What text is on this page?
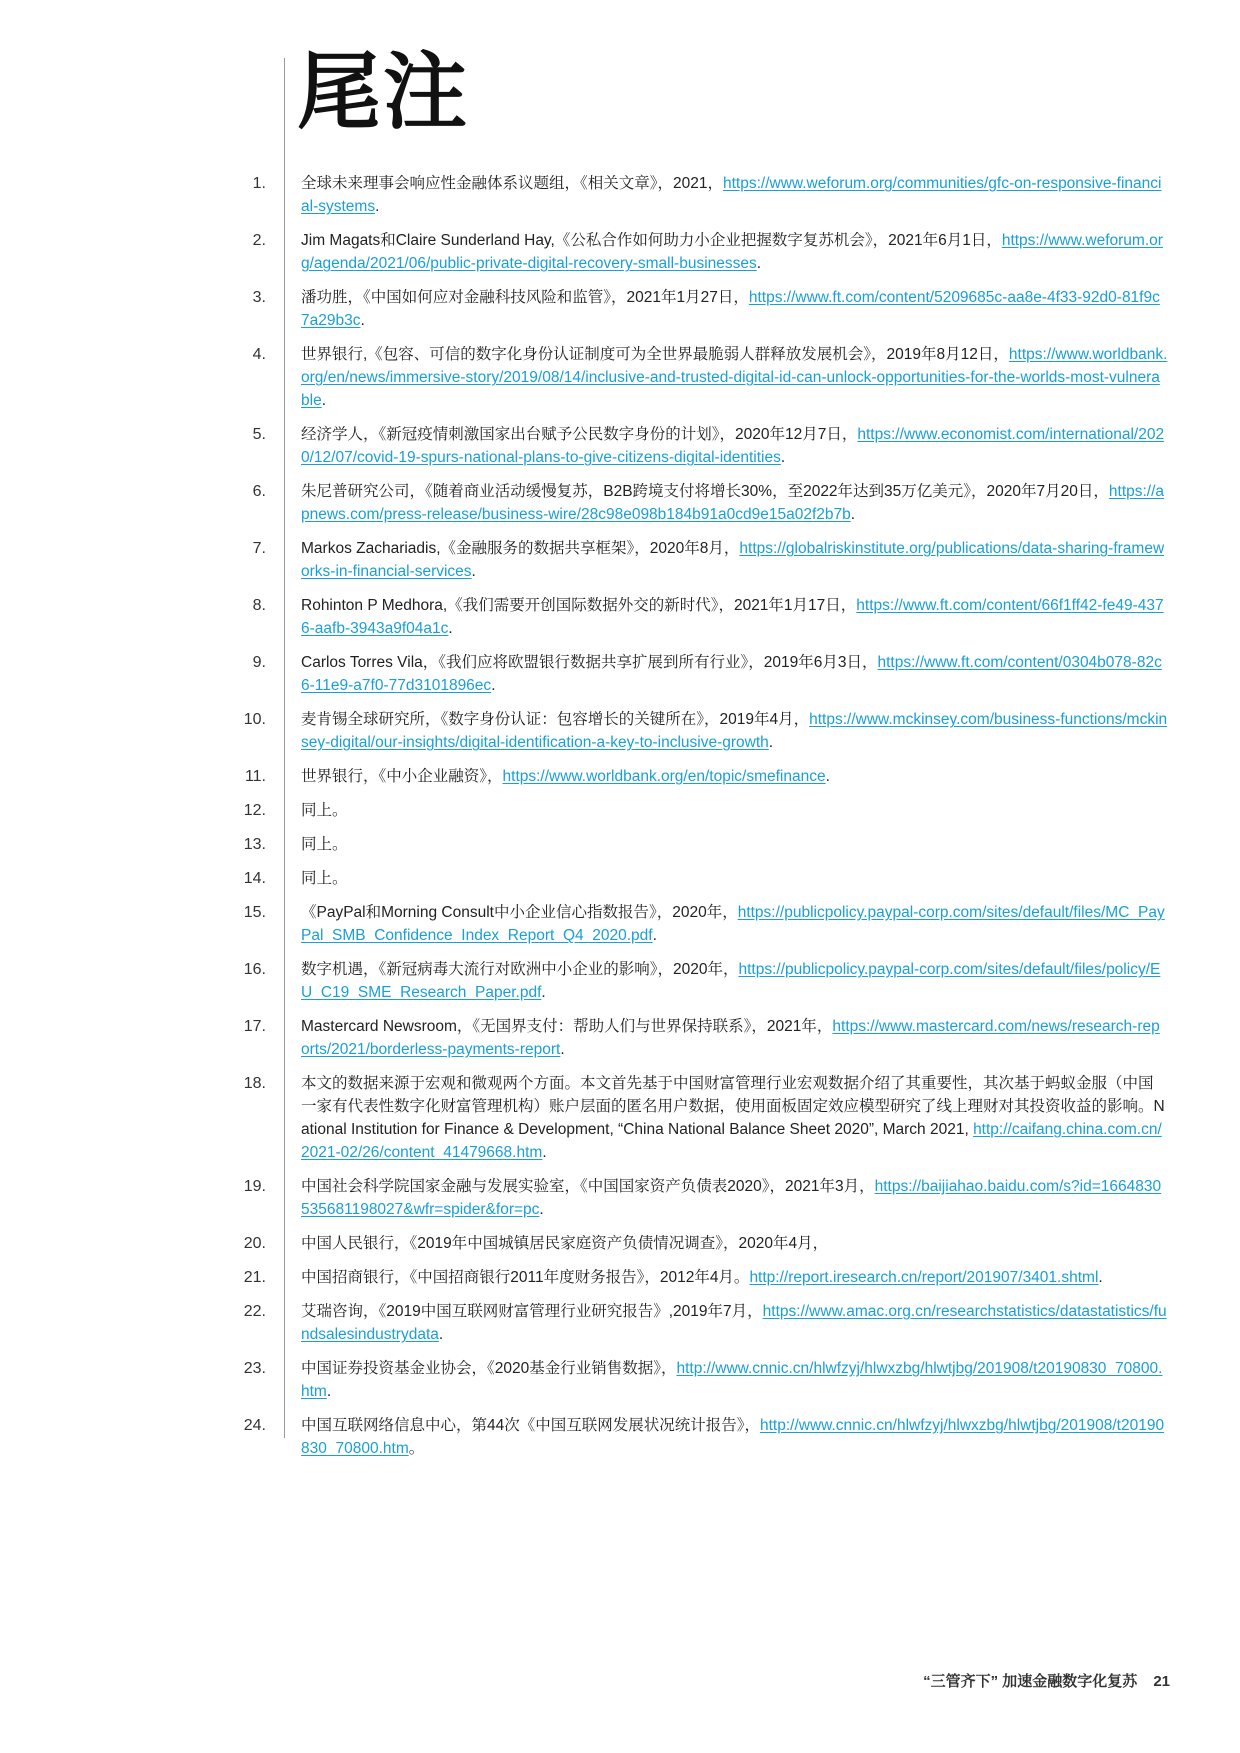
尾注
1. 全球未来理事会响应性金融体系议题组，《相关文章》，2021，https://www.weforum.org/communities/gfc-on-responsive-financial-systems.
2. Jim Magats和Claire Sunderland Hay,《公私合作如何助力小企业把握数字复苏机会》，2021年6月1日，https://www.weforum.org/agenda/2021/06/public-private-digital-recovery-small-businesses.
3. 潘功胜，《中国如何应对金融科技风险和监管》，2021年1月27日，https://www.ft.com/content/5209685c-aa8e-4f33-92d0-81f9c7a29b3c.
4. 世界银行,《包容、可信的数字化身份认证制度可为全世界最脆弱人群释放发展机会》，2019年8月12日，https://www.worldbank.org/en/news/immersive-story/2019/08/14/inclusive-and-trusted-digital-id-can-unlock-opportunities-for-the-worlds-most-vulnerable.
5. 经济学人，《新冠疫情刺激国家出台赋予公民数字身份的计划》，2020年12月7日，https://www.economist.com/international/2020/12/07/covid-19-spurs-national-plans-to-give-citizens-digital-identities.
6. 朱尼普研究公司，《随着商业活动缓慢复苏，B2B跨境支付将增长30%，至2022年达到35万亿美元》，2020年7月20日，https://apnews.com/press-release/business-wire/28c98e098b184b91a0cd9e15a02f2b7b.
7. Markos Zachariadis,《金融服务的数据共享框架》，2020年8月，https://globalriskinstitute.org/publications/data-sharing-frameworks-in-financial-services.
8. Rohinton P Medhora,《我们需要开创国际数据外交的新时代》，2021年1月17日，https://www.ft.com/content/66f1ff42-fe49-4376-aafb-3943a9f04a1c.
9. Carlos Torres Vila，《我们应将欧盟银行数据共享扩展到所有行业》，2019年6月3日，https://www.ft.com/content/0304b078-82c6-11e9-a7f0-77d3101896ec.
10. 麦肯锡全球研究所，《数字身份认证：包容增长的关键所在》，2019年4月，https://www.mckinsey.com/business-functions/mckinsey-digital/our-insights/digital-identification-a-key-to-inclusive-growth.
11. 世界银行，《中小企业融资》，https://www.worldbank.org/en/topic/smefinance.
12. 同上。
13. 同上。
14. 同上。
15. 《PayPal和Morning Consult中小企业信心指数报告》，2020年，https://publicpolicy.paypal-corp.com/sites/default/files/MC_PayPal_SMB_Confidence_Index_Report_Q4_2020.pdf.
16. 数字机遇，《新冠病毒大流行对欧洲中小企业的影响》，2020年，https://publicpolicy.paypal-corp.com/sites/default/files/policy/EU_C19_SME_Research_Paper.pdf.
17. Mastercard Newsroom，《无国界支付：帮助人们与世界保持联系》，2021年，https://www.mastercard.com/news/research-reports/2021/borderless-payments-report.
18. 本文的数据来源于宏观和微观两个方面。本文首先基于中国财富管理行业宏观数据介绍了其重要性，其次基于蚂蚁金服（中国一家有代表性数字化财富管理机构）账户层面的匿名用户数据，使用面板固定效应模型研究了线上理财对其投资收益的影响。National Institution for Finance & Development, “China National Balance Sheet 2020”, March 2021, http://caifang.china.com.cn/2021-02/26/content_41479668.htm.
19. 中国社会科学院国家金融与发展实验室，《中国国家资产负债表2020》，2021年3月，https://baijiahao.baidu.com/s?id=1664830535681198027&wfr=spider&for=pc.
20. 中国人民银行，《2019年中国城镇居民家庭资产负债情况调查》，2020年4月，
21. 中国招商银行，《中国招商银行2011年度财务报告》，2012年4月。http://report.iresearch.cn/report/201907/3401.shtml.
22. 艾瑞咨询，《2019中国互联网财富管理行业研究报告》,2019年7月，https://www.amac.org.cn/researchstatistics/datastatistics/fundsalesindustrydata.
23. 中国证券投资基金业协会，《2020基金行业销售数据》，http://www.cnnic.cn/hlwfzyj/hlwxzbg/hlwtjbg/201908/t20190830_70800.htm.
24. 中国互联网络信息中心，第44次《中国互联网发展状况统计报告》，http://www.cnnic.cn/hlwfzyj/hlwxzbg/hlwtjbg/201908/t20190830_70800.htm。
“三管齐下” 加速金融数字化复苏 21
